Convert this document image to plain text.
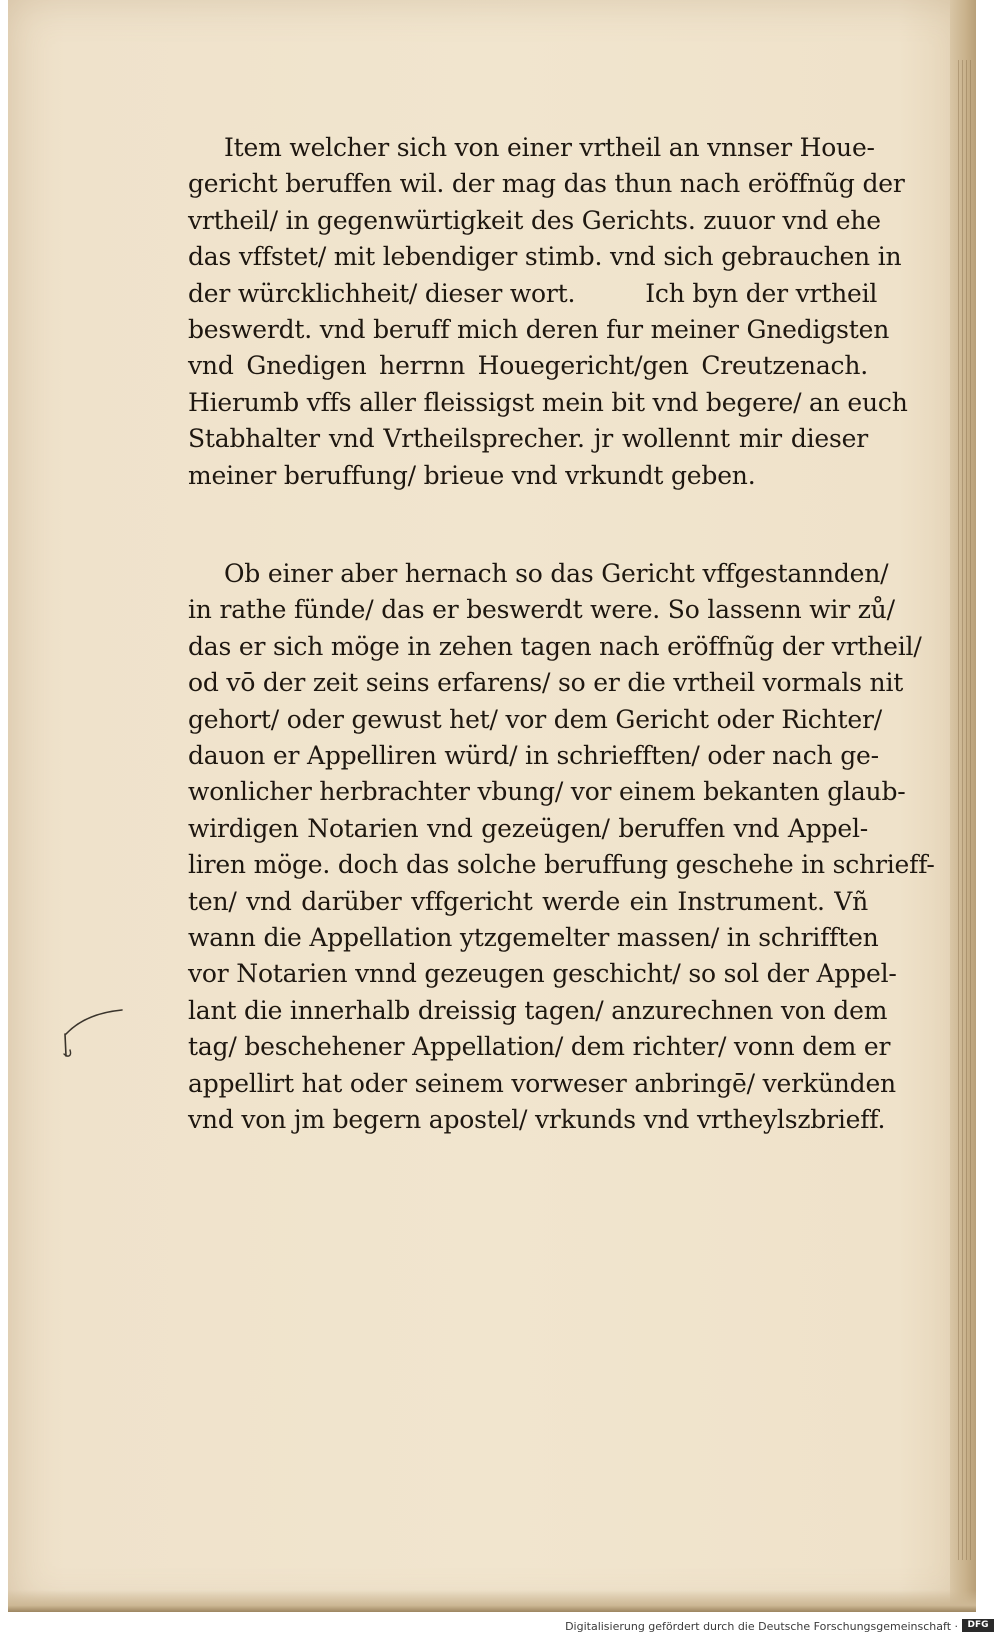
Item welcher sich von einer vrtheil an vnnser Houe-
gericht beruffen wil. der mag das thun nach eröffnũg der
vrtheil/ in gegenwürtigkeit des Gerichts. zuuor vnd ehe
das vffstet/ mit lebendiger stimb. vnd sich gebrauchen in
der würcklichheit/ dieser wort.	Ich byn der vrtheil
beswerdt. vnd beruff mich deren fur meiner Gnedigsten
vnd Gnedigen herrnn Houegericht/gen Creutzenach.
Hierumb vffs aller fleissigst mein bit vnd begere/ an euch
Stabhalter vnd Vrtheilsprecher. jr wollennt mir dieser
meiner beruffung/ brieue vnd vrkundt geben.
Ob einer aber hernach so das Gericht vffgestannden/
in rathe fünde/ das er beswerdt were. So lassenn wir zů/
das er sich möge in zehen tagen nach eröffnũg der vrtheil/
od vō der zeit seins erfarens/ so er die vrtheil vormals nit
gehort/ oder gewust het/ vor dem Gericht oder Richter/
dauon er Appelliren würd/ in schriefften/ oder nach ge-
wonlicher herbrachter vbung/ vor einem bekanten glaub-
wirdigen Notarien vnd gezeügen/ beruffen vnd Appel-
liren möge. doch das solche beruffung geschehe in schrieff-
ten/ vnd darüber vffgericht werde ein Instrument. Vñ
wann die Appellation ytzgemelter massen/ in schrifften
vor Notarien vnnd gezeugen geschicht/ so sol der Appel-
lant die innerhalb dreissig tagen/ anzurechnen von dem
tag/ beschehener Appellation/ dem richter/ vonn dem er
appellirt hat oder seinem vorweser anbringē/ verkünden
vnd von jm begern apostel/ vrkunds vnd vrtheylszbrieff.
Digitalisierung gefördert durch die Deutsche Forschungsgemeinschaft ·	DFG
